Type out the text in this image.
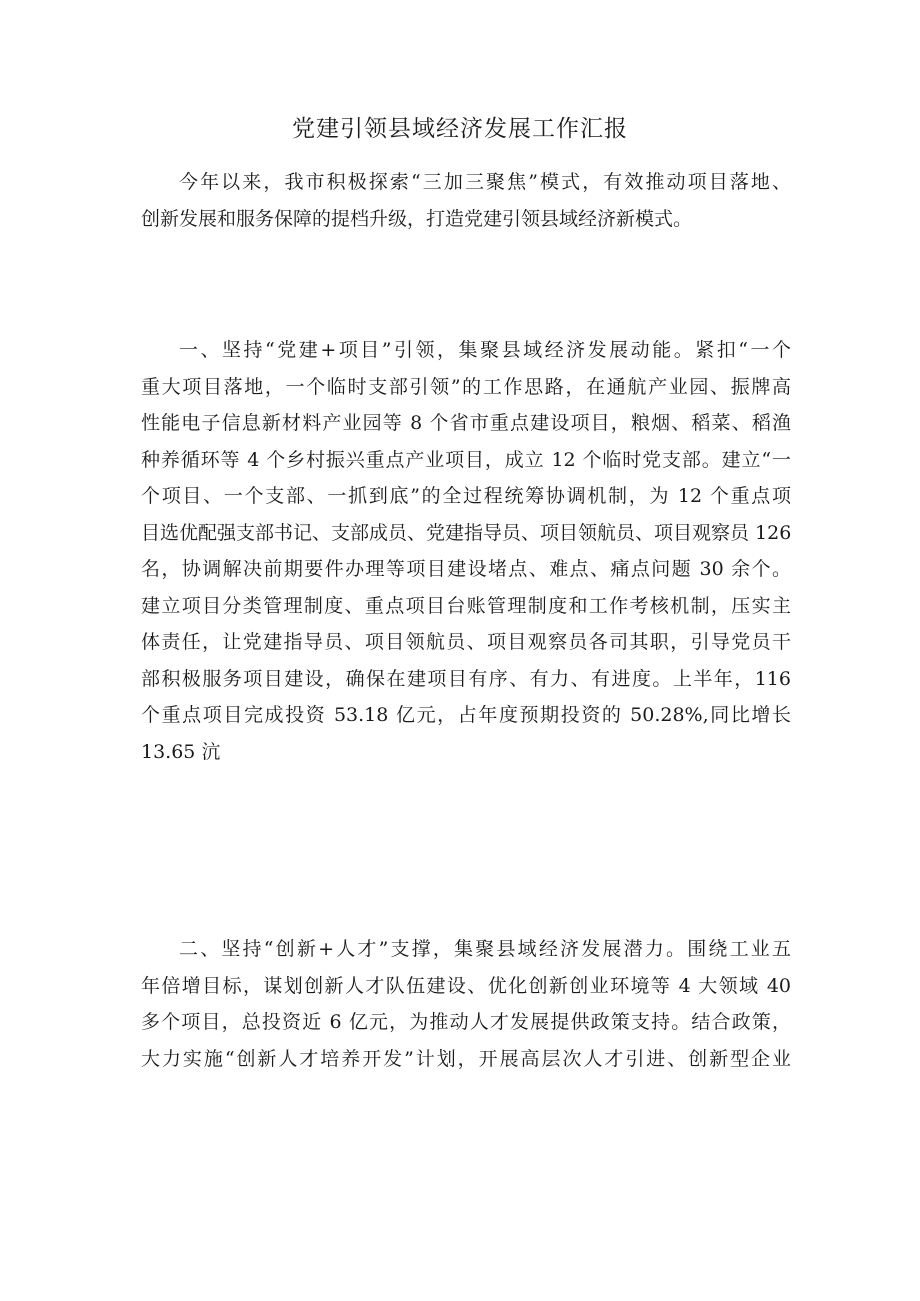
党建引领县域经济发展工作汇报

今年以来，我市积极探索“三加三聚焦”模式，有效推动项目落地、
创新发展和服务保障的提档升级，打造党建引领县域经济新模式。

一、坚持“党建+项目”引领，集聚县域经济发展动能。紧扣“一个
重大项目落地，一个临时支部引领”的工作思路，在通航产业园、振牌高
性能电子信息新材料产业园等 8 个省市重点建设项目，粮烟、稻菜、稻渔
种养循环等 4 个乡村振兴重点产业项目，成立 12 个临时党支部。建立“一
个项目、一个支部、一抓到底”的全过程统筹协调机制，为 12 个重点项
目选优配强支部书记、支部成员、党建指导员、项目领航员、项目观察员 126
名，协调解决前期要件办理等项目建设堵点、难点、痛点问题 30 余个。
建立项目分类管理制度、重点项目台账管理制度和工作考核机制，压实主
体责任，让党建指导员、项目领航员、项目观察员各司其职，引导党员干
部积极服务项目建设，确保在建项目有序、有力、有进度。上半年，116
个重点项目完成投资 53.18 亿元，占年度预期投资的 50.28%,同比增长
13.65 沆

二、坚持“创新+人才”支撑，集聚县域经济发展潜力。围绕工业五
年倍增目标，谋划创新人才队伍建设、优化创新创业环境等 4 大领域 40
多个项目，总投资近 6 亿元，为推动人才发展提供政策支持。结合政策，
大力实施“创新人才培养开发”计划，开展高层次人才引进、创新型企业
